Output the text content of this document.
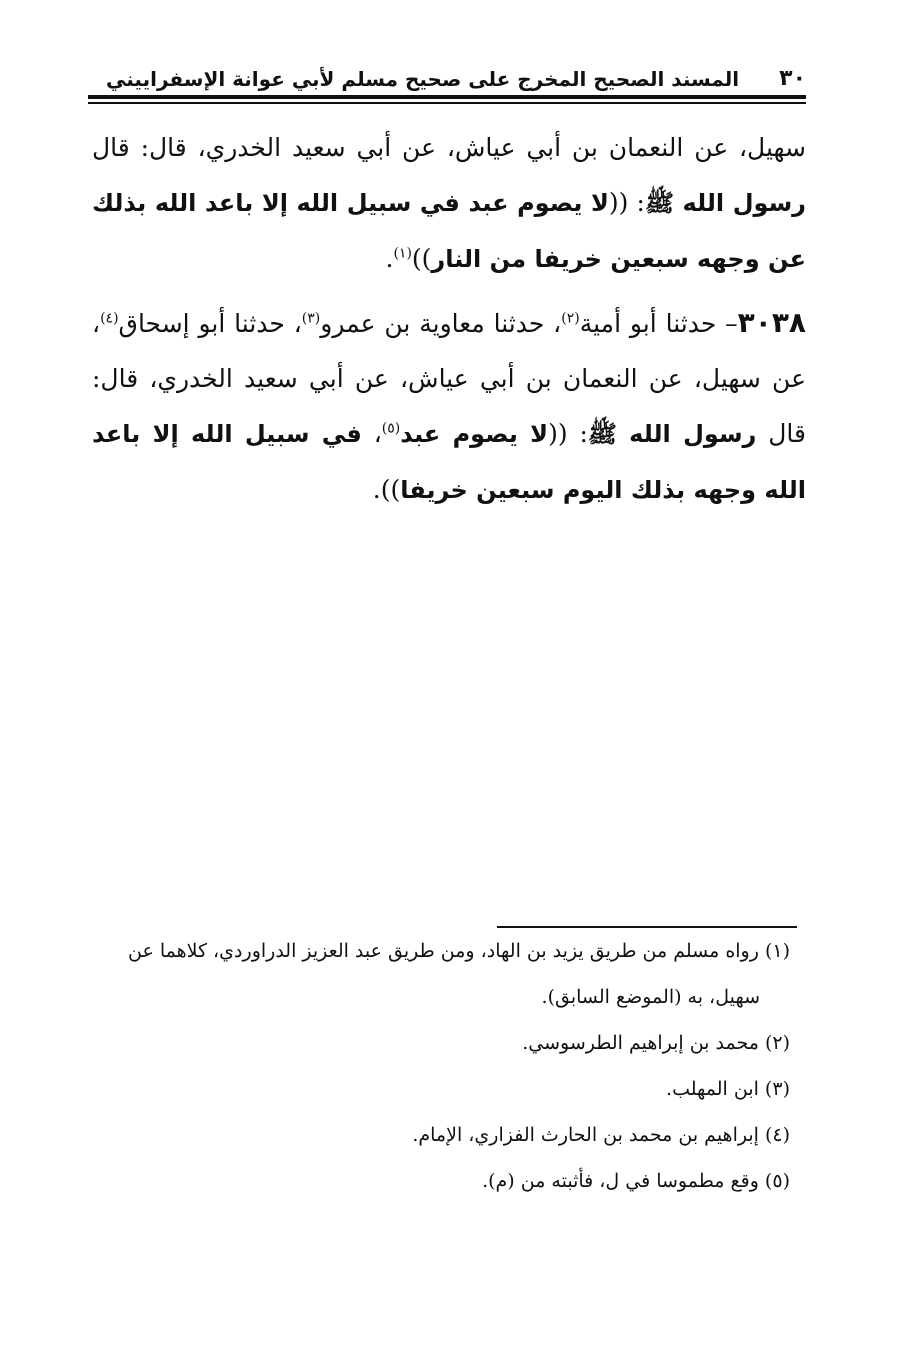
٣٠
المسند الصحيح المخرج على صحيح مسلم لأبي عوانة الإسفراييني

سهيل، عن النعمان بن أبي عياش، عن أبي سعيد الخدري، قال: قال رسول الله ﷺ: ((لا يصوم عبد في سبيل الله إلا باعد الله بذلك عن وجهه سبعين خريفا من النار))$^{(١)}$.

٣٠٣٨– حدثنا أبو أمية$^{(٢)}$، حدثنا معاوية بن عمرو$^{(٣)}$، حدثنا أبو إسحاق$^{(٤)}$، عن سهيل، عن النعمان بن أبي عياش، عن أبي سعيد الخدري، قال: قال رسول الله ﷺ: ((لا يصوم عبد$^{(٥)}$، في سبيل الله إلا باعد الله وجهه بذلك اليوم سبعين خريفا)).

(١) رواه مسلم من طريق يزيد بن الهاد، ومن طريق عبد العزيز الدراوردي، كلاهما عن

سهيل، به (الموضع السابق).

(٢) محمد بن إبراهيم الطرسوسي.

(٣) ابن المهلب.

(٤) إبراهيم بن محمد بن الحارث الفزاري، الإمام.

(٥) وقع مطموسا في ل، فأثبته من (م).
